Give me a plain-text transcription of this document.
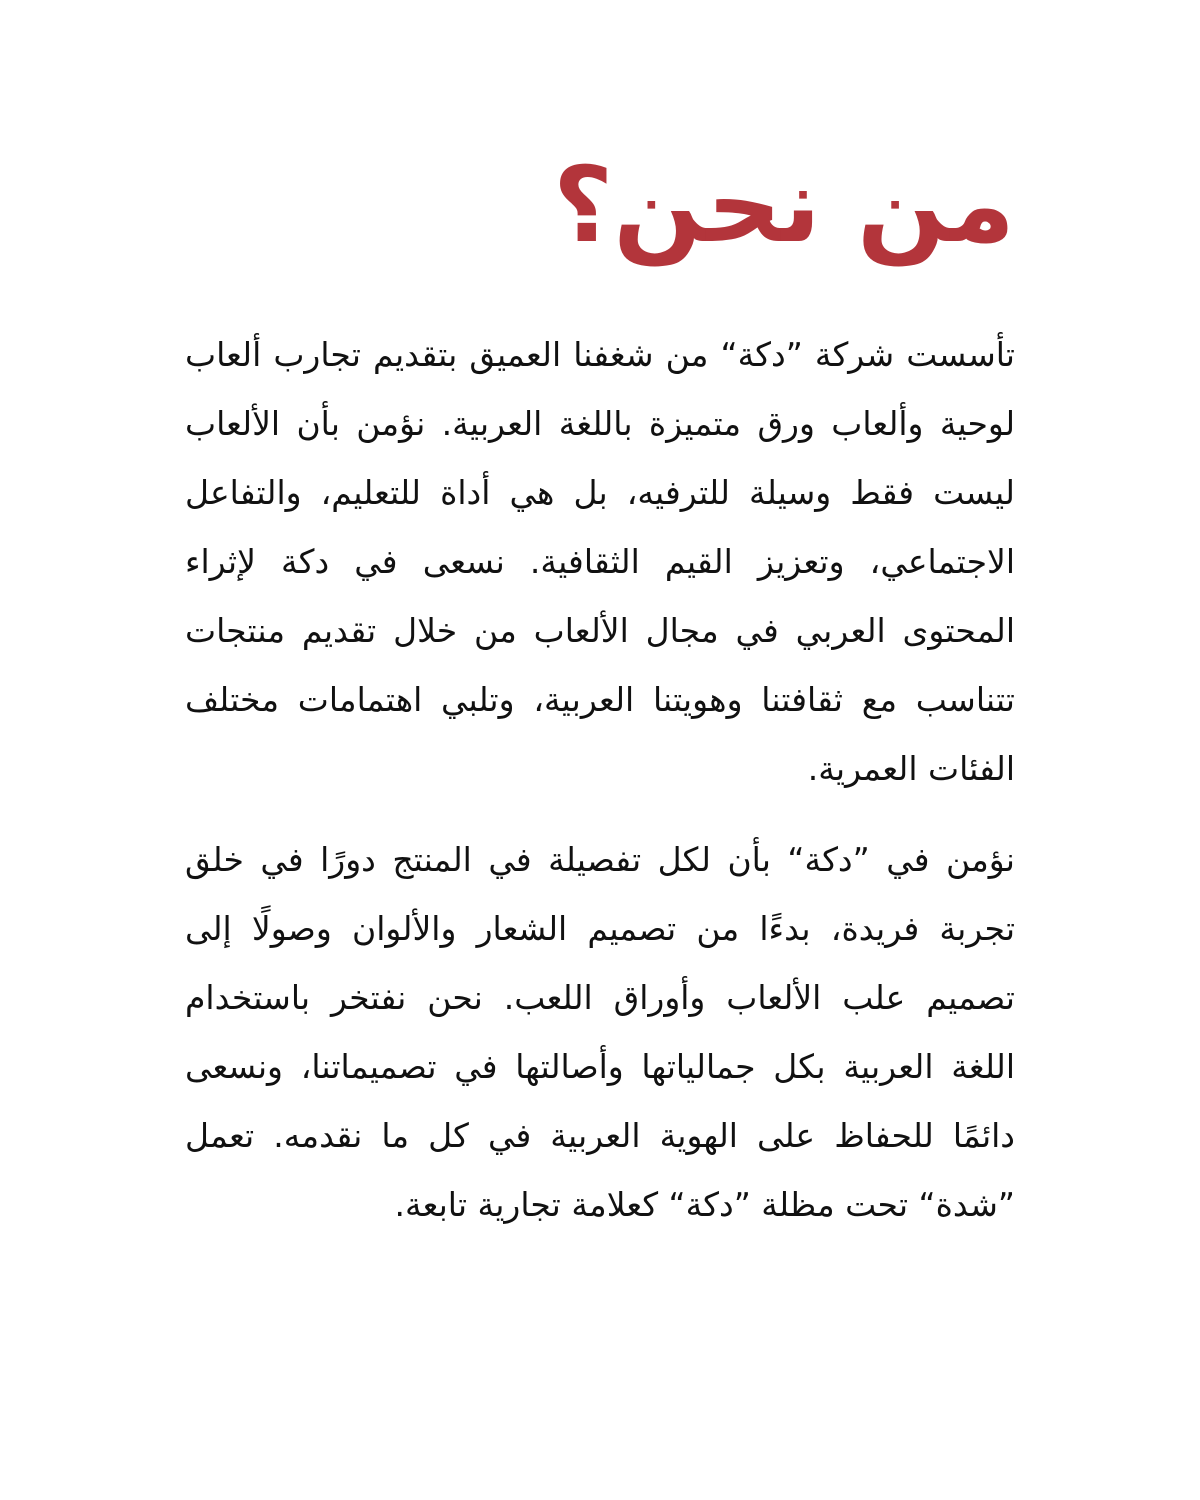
من نحن؟

تأسست شركة ”دكة“ من شغفنا العميق بتقديم تجارب ألعاب لوحية وألعاب ورق متميزة باللغة العربية. نؤمن بأن الألعاب ليست فقط وسيلة للترفيه، بل هي أداة للتعليم، والتفاعل الاجتماعي، وتعزيز القيم الثقافية. نسعى في دكة لإثراء المحتوى العربي في مجال الألعاب من خلال تقديم منتجات تتناسب مع ثقافتنا وهويتنا العربية، وتلبي اهتمامات مختلف الفئات العمرية.

نؤمن في ”دكة“ بأن لكل تفصيلة في المنتج دورًا في خلق تجربة فريدة، بدءًا من تصميم الشعار والألوان وصولًا إلى تصميم علب الألعاب وأوراق اللعب. نحن نفتخر باستخدام اللغة العربية بكل جمالياتها وأصالتها في تصميماتنا، ونسعى دائمًا للحفاظ على الهوية العربية في كل ما نقدمه. تعمل ”شدة“ تحت مظلة ”دكة“ كعلامة تجارية تابعة.
